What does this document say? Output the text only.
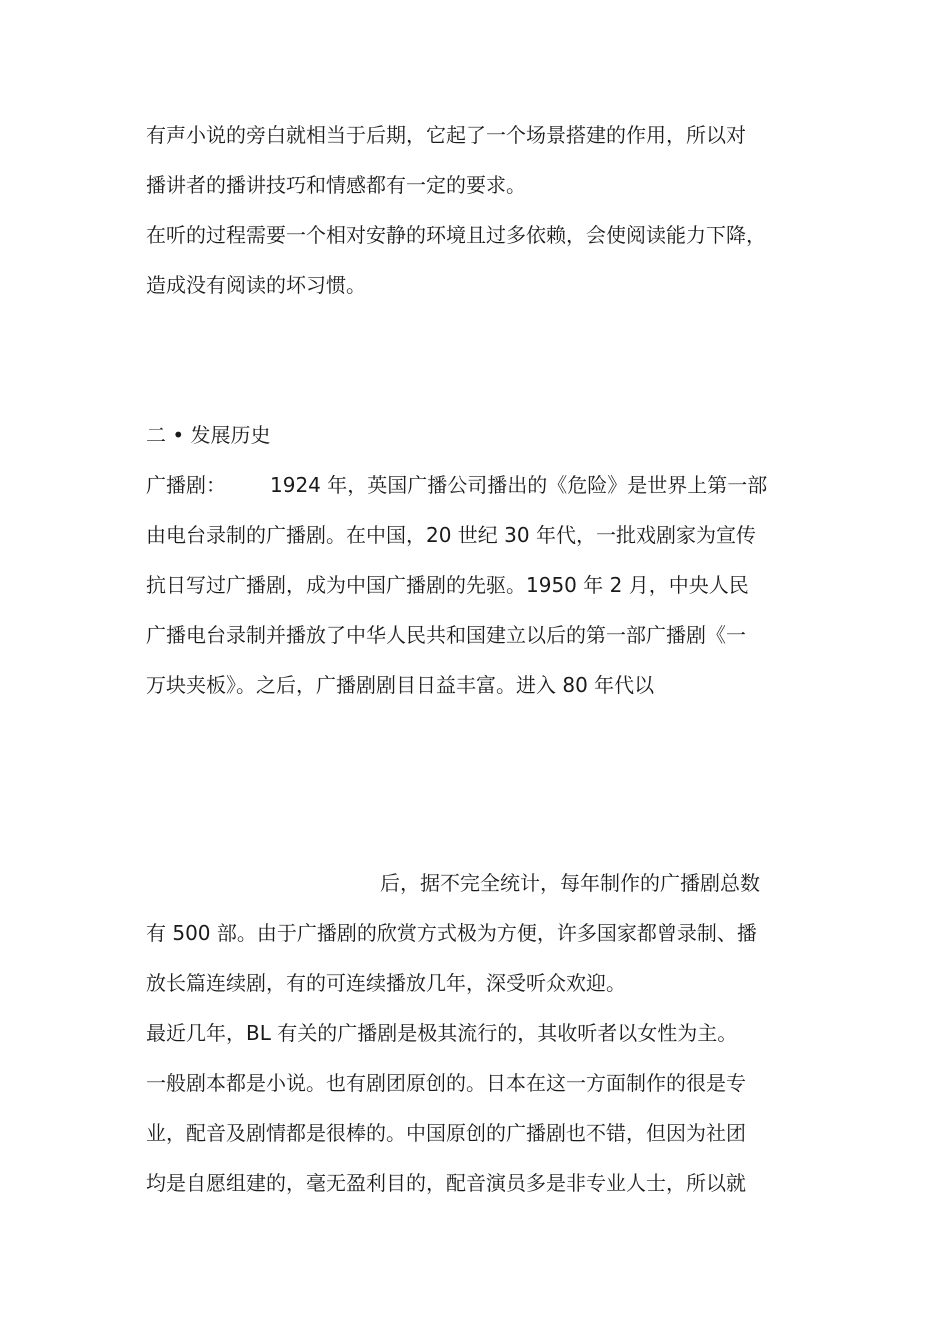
有声小说的旁白就相当于后期，它起了一个场景搭建的作用，所以对
播讲者的播讲技巧和情感都有一定的要求。
在听的过程需要一个相对安静的环境且过多依赖，会使阅读能力下降，
造成没有阅读的坏习惯。
二 • 发展历史
广播剧： 1924 年，英国广播公司播出的《危险》是世界上第一部
由电台录制的广播剧。在中国，20 世纪 30 年代，一批戏剧家为宣传
抗日写过广播剧，成为中国广播剧的先驱。1950 年 2 月，中央人民
广播电台录制并播放了中华人民共和国建立以后的第一部广播剧《一
万块夹板》。之后，广播剧剧目日益丰富。进入 80 年代以
后，据不完全统计，每年制作的广播剧总数
有 500 部。由于广播剧的欣赏方式极为方便，许多国家都曾录制、播
放长篇连续剧，有的可连续播放几年，深受听众欢迎。
最近几年，BL 有关的广播剧是极其流行的，其收听者以女性为主。
一般剧本都是小说。也有剧团原创的。日本在这一方面制作的很是专
业，配音及剧情都是很棒的。中国原创的广播剧也不错，但因为社团
均是自愿组建的，毫无盈利目的，配音演员多是非专业人士，所以就
